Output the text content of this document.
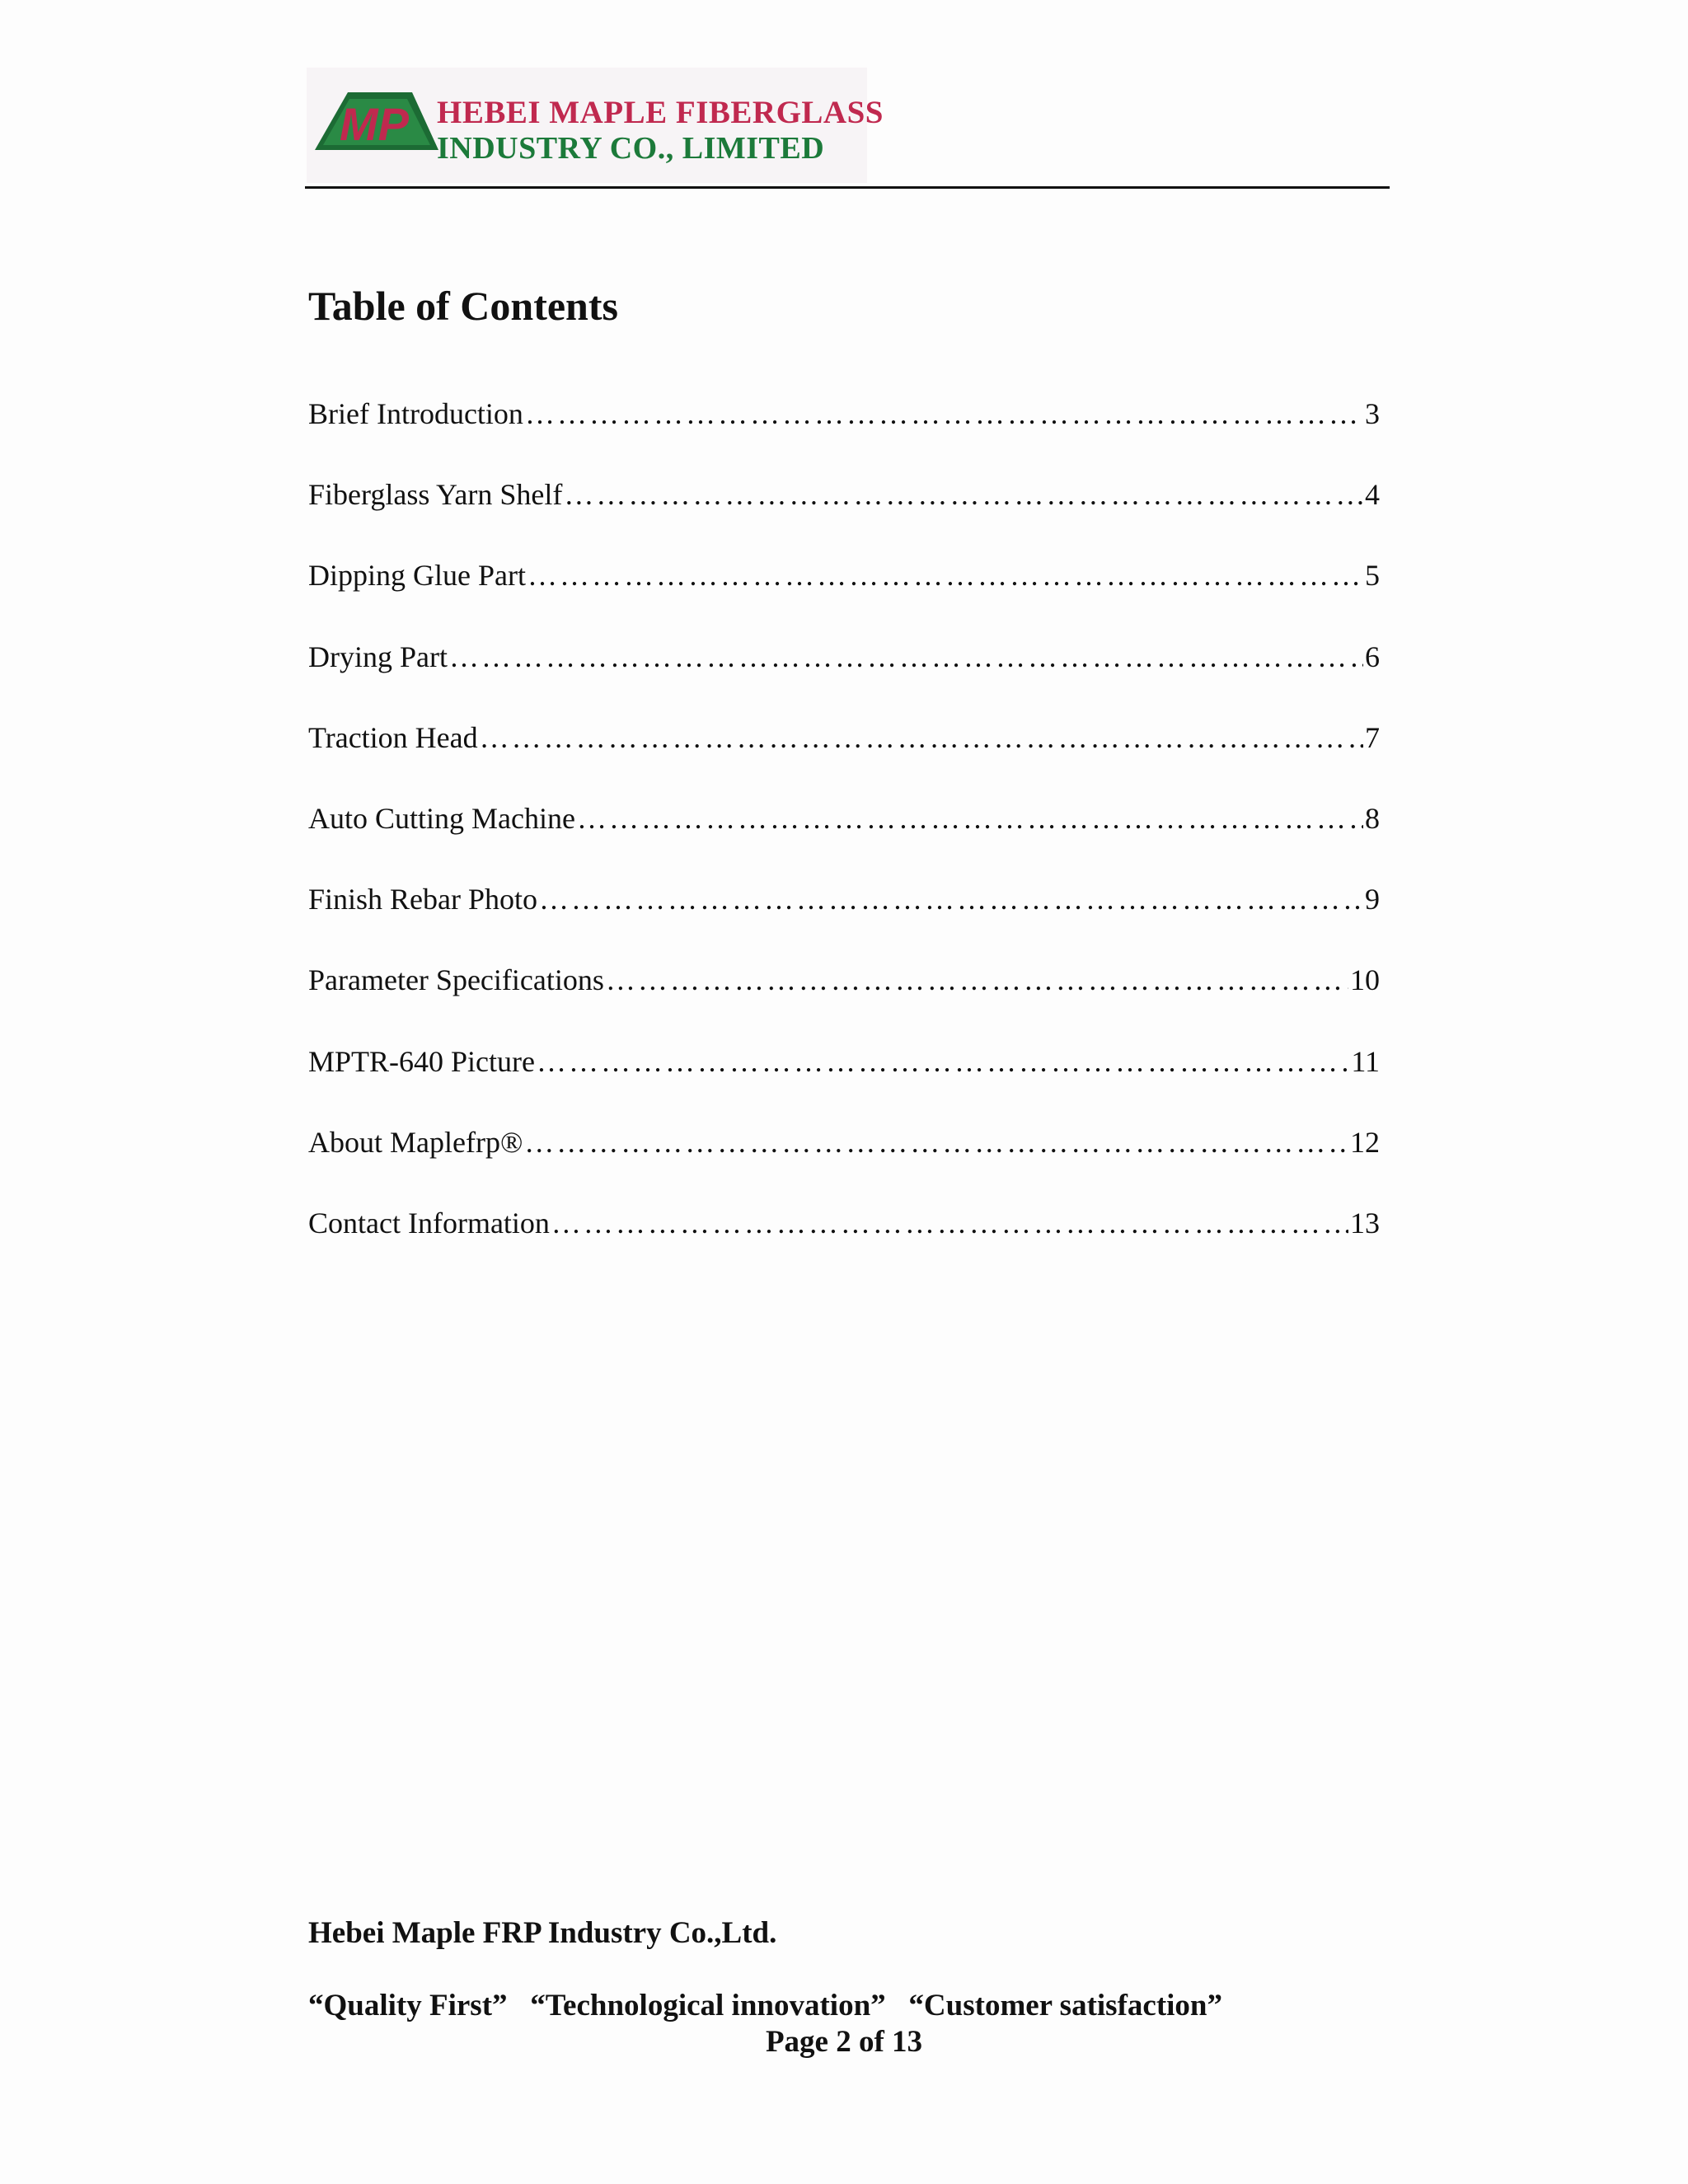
MP HEBEI MAPLE FIBERGLASS
INDUSTRY CO., LIMITED
Table of Contents
Brief Introduction …………………………………………………………………………………………………………………………………………………………………………………………………………	3
Fiberglass Yarn Shelf …………………………………………………………………………………………………………………………………………………………………………………………………………	4
Dipping Glue Part …………………………………………………………………………………………………………………………………………………………………………………………………………	5
Drying Part …………………………………………………………………………………………………………………………………………………………………………………………………………	6
Traction Head …………………………………………………………………………………………………………………………………………………………………………………………………………	7
Auto Cutting Machine …………………………………………………………………………………………………………………………………………………………………………………………………………	8
Finish Rebar Photo …………………………………………………………………………………………………………………………………………………………………………………………………………	9
Parameter Specifications …………………………………………………………………………………………………………………………………………………………………………………………………………	10
MPTR-640 Picture …………………………………………………………………………………………………………………………………………………………………………………………………………	11
About Maplefrp® …………………………………………………………………………………………………………………………………………………………………………………………………………	12
Contact Information …………………………………………………………………………………………………………………………………………………………………………………………………………	13

Hebei Maple FRP Industry Co.,Ltd.

“Quality First”   “Technological innovation”   “Customer satisfaction”

Page 2 of 13
